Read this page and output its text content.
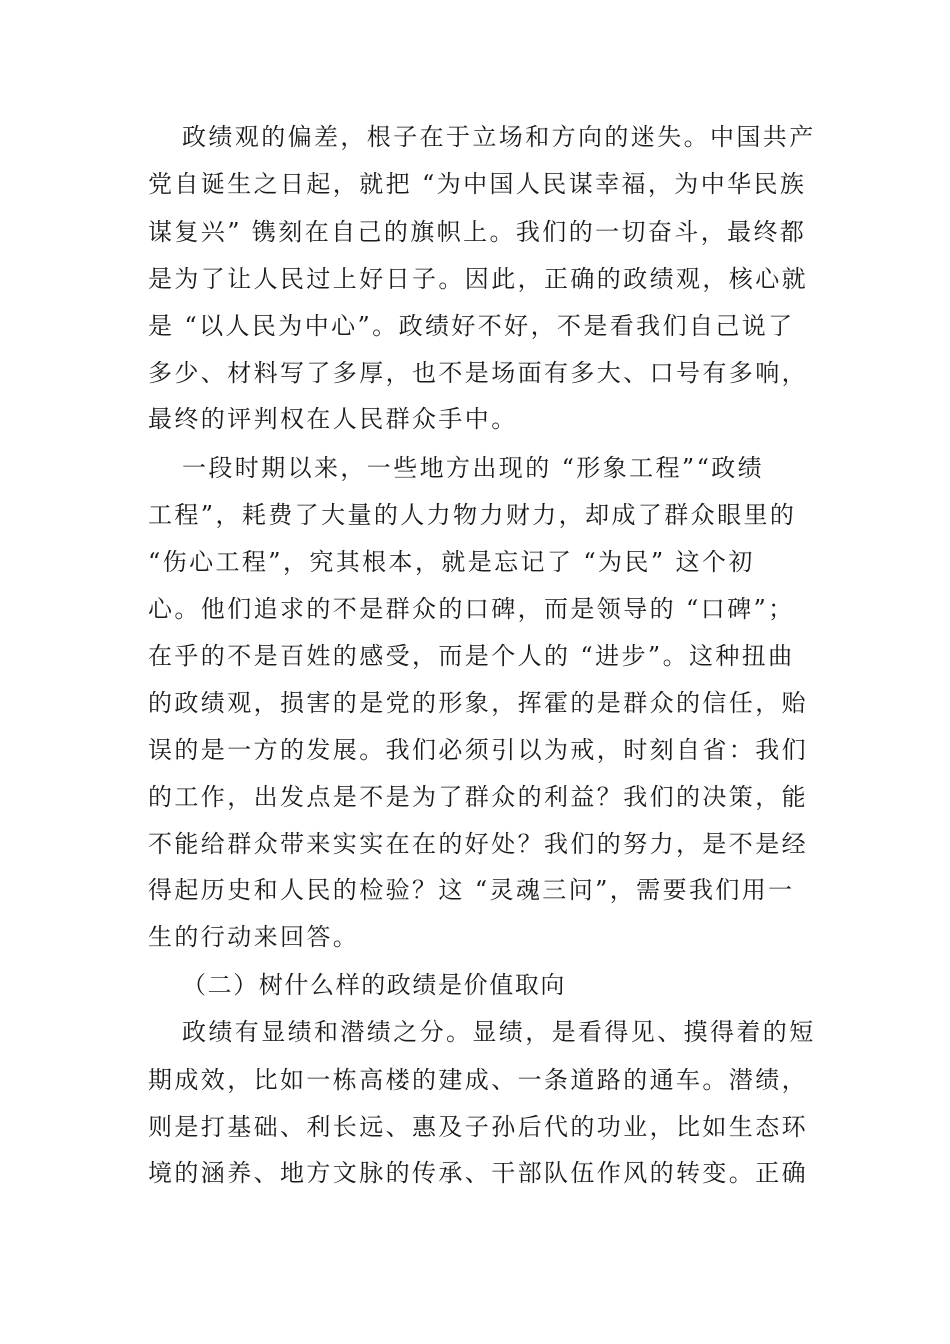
政绩观的偏差，根子在于立场和方向的迷失。中国共产
党自诞生之日起，就把 “为中国人民谋幸福，为中华民族
谋复兴” 镌刻在自己的旗帜上。我们的一切奋斗，最终都
是为了让人民过上好日子。因此，正确的政绩观，核心就
是 “以人民为中心”。政绩好不好，不是看我们自己说了
多少、材料写了多厚，也不是场面有多大、口号有多响，
最终的评判权在人民群众手中。
一段时期以来，一些地方出现的 “形象工程”“政绩
工程”，耗费了大量的人力物力财力，却成了群众眼里的
“伤心工程”，究其根本，就是忘记了 “为民” 这个初
心。他们追求的不是群众的口碑，而是领导的 “口碑”；
在乎的不是百姓的感受，而是个人的 “进步”。这种扭曲
的政绩观，损害的是党的形象，挥霍的是群众的信任，贻
误的是一方的发展。我们必须引以为戒，时刻自省：我们
的工作，出发点是不是为了群众的利益？我们的决策，能
不能给群众带来实实在在的好处？我们的努力，是不是经
得起历史和人民的检验？这 “灵魂三问”，需要我们用一
生的行动来回答。
（二）树什么样的政绩是价值取向
政绩有显绩和潜绩之分。显绩，是看得见、摸得着的短
期成效，比如一栋高楼的建成、一条道路的通车。潜绩，
则是打基础、利长远、惠及子孙后代的功业，比如生态环
境的涵养、地方文脉的传承、干部队伍作风的转变。正确
